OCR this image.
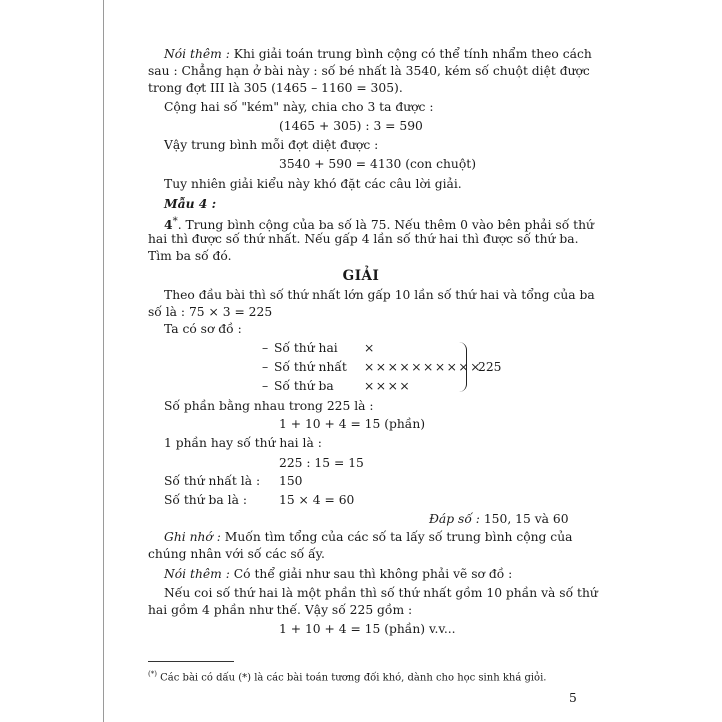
Nói thêm : Khi giải toán trung bình cộng có thể tính nhẩm theo cách
sau : Chẳng hạn ở bài này : số bé nhất là 3540, kém số chuột diệt được
trong đợt III là 305 (1465 – 1160 = 305).
Cộng hai số "kém" này, chia cho 3 ta được :
(1465 + 305) : 3 = 590
Vậy trung bình mỗi đợt diệt được :
3540 + 590 = 4130 (con chuột)
Tuy nhiên giải kiểu này khó đặt các câu lời giải.
Mẫu 4 :
4*. Trung bình cộng của ba số là 75. Nếu thêm 0 vào bên phải số thứ
hai thì được số thứ nhất. Nếu gấp 4 lần số thứ hai thì được số thứ ba.
Tìm ba số đó.
GIẢI
Theo đầu bài thì số thứ nhất lớn gấp 10 lần số thứ hai và tổng của ba
số là : 75 × 3 = 225
Ta có sơ đồ :
– Số thứ hai ×
– Số thứ nhất ××××××××××
– Số thứ ba ××××
225
Số phần bằng nhau trong 225 là :
1 + 10 + 4 = 15 (phần)
1 phần hay số thứ hai là :
225 : 15 = 15
Số thứ nhất là : 150
Số thứ ba là :	15 × 4 = 60
Đáp số : 150, 15 và 60
Ghi nhớ : Muốn tìm tổng của các số ta lấy số trung bình cộng của
chúng nhân với số các số ấy.
Nói thêm : Có thể giải như sau thì không phải vẽ sơ đồ :
Nếu coi số thứ hai là một phần thì số thứ nhất gồm 10 phần và số thứ
hai gồm 4 phần như thế. Vậy số 225 gồm :
1 + 10 + 4 = 15 (phần) v.v...
(*) Các bài có dấu (*) là các bài toán tương đối khó, dành cho học sinh khá giỏi.
5
